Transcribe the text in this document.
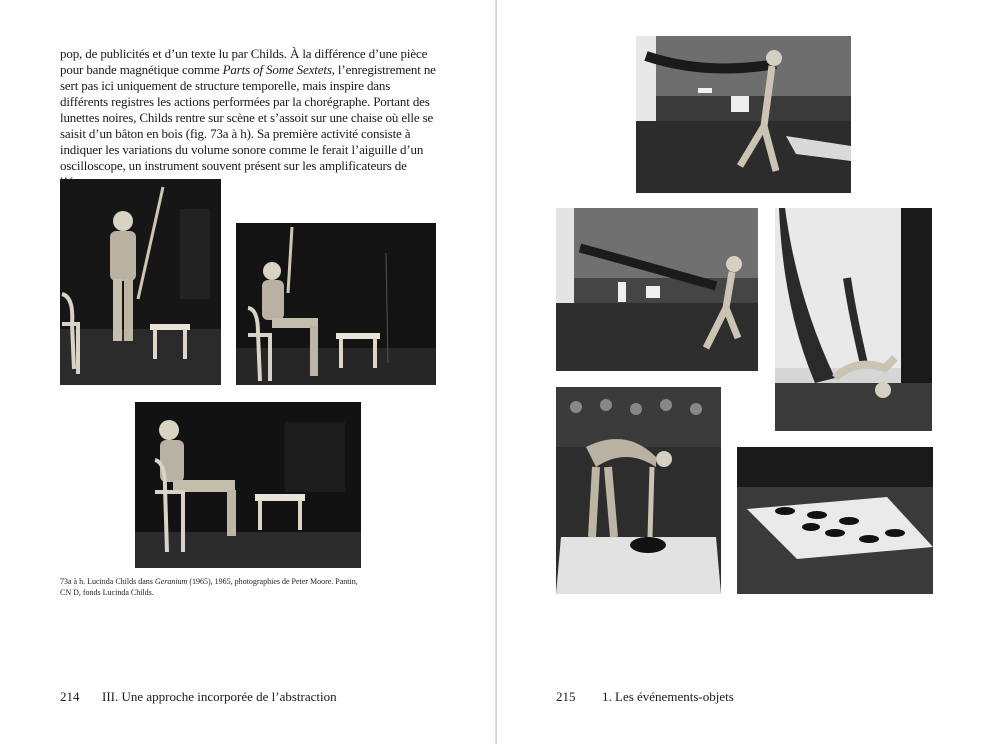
pop, de publicités et d’un texte lu par Childs. À la différence d’une pièce pour bande magnétique comme Parts of Some Sextets, l’enregistrement ne sert pas ici uniquement de structure temporelle, mais inspire dans différents registres les actions performées par la chorégraphe. Portant des lunettes noires, Childs rentre sur scène et s’assoit sur une chaise où elle se saisit d’un bâton en bois (fig. 73a à h). Sa première activité consiste à indiquer les variations du volume sonore comme le ferait l’aiguille d’un oscilloscope, un instrument souvent présent sur les amplificateurs de

73a à h. Lucinda Childs dans Geranium (1965), 1965, photographies de Peter Moore. Pantin, CN D, fonds Lucinda Childs.

214 III. Une approche incorporée de l’abstraction	215 1. Les événements-objets
